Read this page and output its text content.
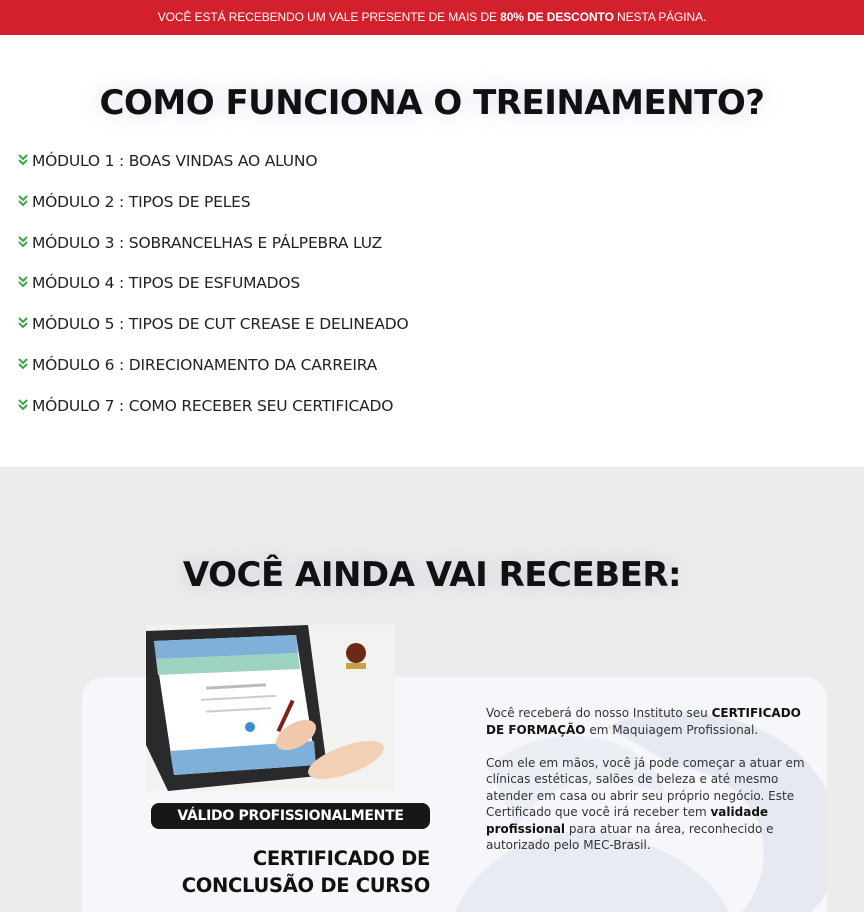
VOCÊ ESTÁ RECEBENDO UM VALE PRESENTE DE MAIS DE 80% DE DESCONTO NESTA PÁGINA.
COMO FUNCIONA O TREINAMENTO?
MÓDULO 1 : BOAS VINDAS AO ALUNO
MÓDULO 2 : TIPOS DE PELES
MÓDULO 3 : SOBRANCELHAS E PÁLPEBRA LUZ
MÓDULO 4 : TIPOS DE ESFUMADOS
MÓDULO 5 : TIPOS DE CUT CREASE E DELINEADO
MÓDULO 6 : DIRECIONAMENTO DA CARREIRA
MÓDULO 7 : COMO RECEBER SEU CERTIFICADO
VOCÊ AINDA VAI RECEBER:
VÁLIDO PROFISSIONALMENTE
CERTIFICADO DE
CONCLUSÃO DE CURSO

Você receberá do nosso Instituto seu CERTIFICADO DE FORMAÇÃO em Maquiagem Profissional.

Com ele em mãos, você já pode começar a atuar em clínicas estéticas, salões de beleza e até mesmo atender em casa ou abrir seu próprio negócio. Este Certificado que você irá receber tem validade profissional para atuar na área, reconhecido e autorizado pelo MEC-Brasil.
